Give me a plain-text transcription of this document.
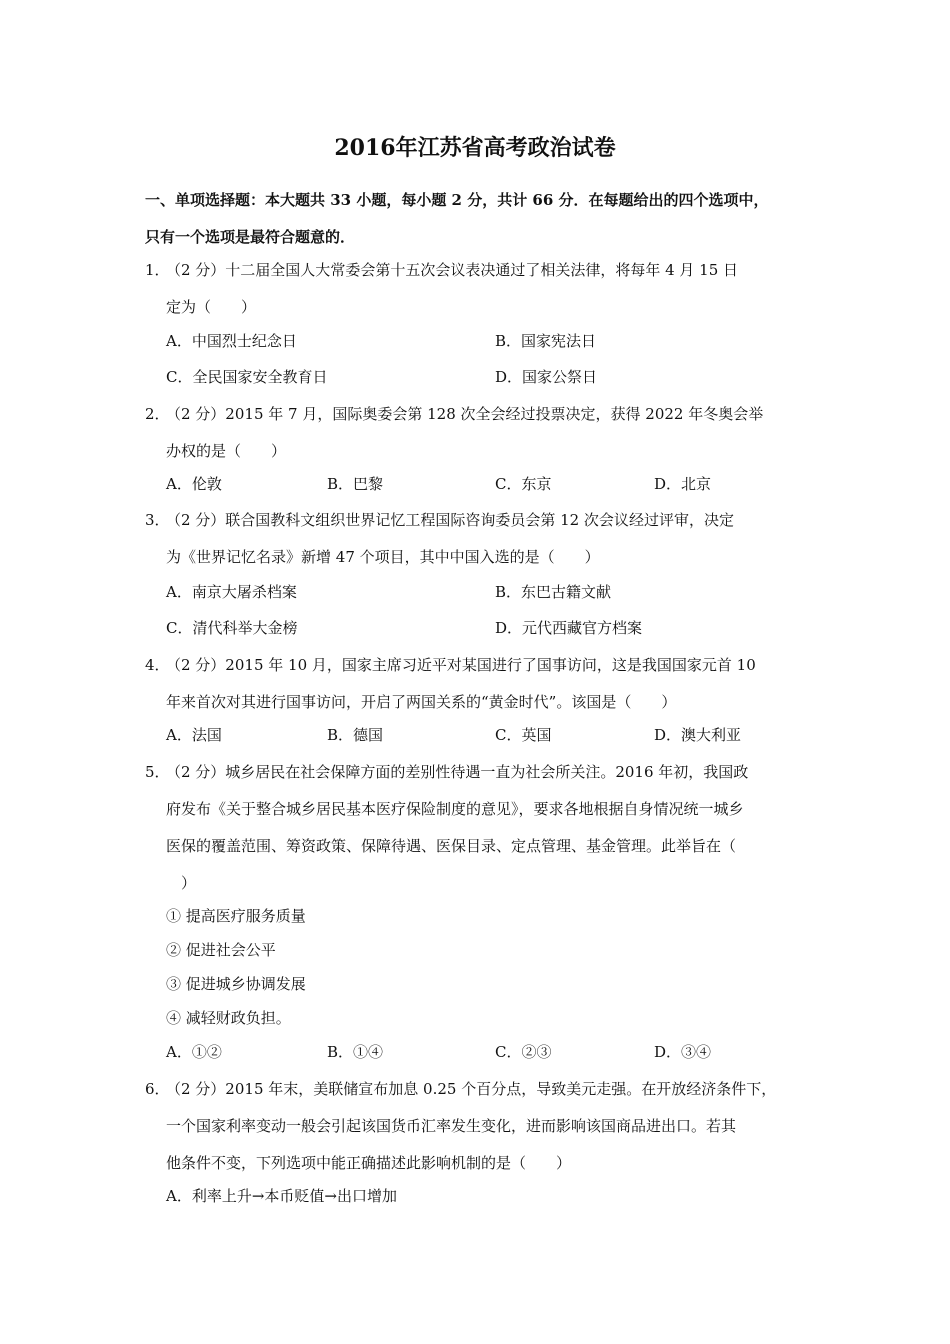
2016年江苏省高考政治试卷
一、单项选择题：本大题共 33 小题，每小题 2 分，共计 66 分．在每题给出的四个选项中，
只有一个选项是最符合题意的．
1．
（2 分）十二届全国人大常委会第十五次会议表决通过了相关法律，将每年 4 月 15 日
定为（　　）
A．中国烈士纪念日	B．国家宪法日
C．全民国家安全教育日	D．国家公祭日
2．
（2 分）2015 年 7 月，国际奥委会第 128 次全会经过投票决定，获得 2022 年冬奥会举
办权的是（　　）
A．伦敦	B．巴黎	C．东京	D．北京
3．
（2 分）联合国教科文组织世界记忆工程国际咨询委员会第 12 次会议经过评审，决定
为《世界记忆名录》新增 47 个项目，其中中国入选的是（　　）
A．南京大屠杀档案	B．东巴古籍文献
C．清代科举大金榜	D．元代西藏官方档案
4．
（2 分）2015 年 10 月，国家主席习近平对某国进行了国事访问，这是我国国家元首 10
年来首次对其进行国事访问，开启了两国关系的“黄金时代”。该国是（　　）
A．法国	B．德国	C．英国	D．澳大利亚
5．
（2 分）城乡居民在社会保障方面的差别性待遇一直为社会所关注。2016 年初，我国政
府发布《关于整合城乡居民基本医疗保险制度的意见》，要求各地根据自身情况统一城乡
医保的覆盖范围、筹资政策、保障待遇、医保目录、定点管理、基金管理。此举旨在（
　）
① 提高医疗服务质量
② 促进社会公平
③ 促进城乡协调发展
④ 减轻财政负担。
A．①②	B．①④	C．②③	D．③④
6．
（2 分）2015 年末，美联储宣布加息 0.25 个百分点，导致美元走强。在开放经济条件下，
一个国家利率变动一般会引起该国货币汇率发生变化，进而影响该国商品进出口。若其
他条件不变，下列选项中能正确描述此影响机制的是（　　）
A．利率上升→本币贬值→出口增加
